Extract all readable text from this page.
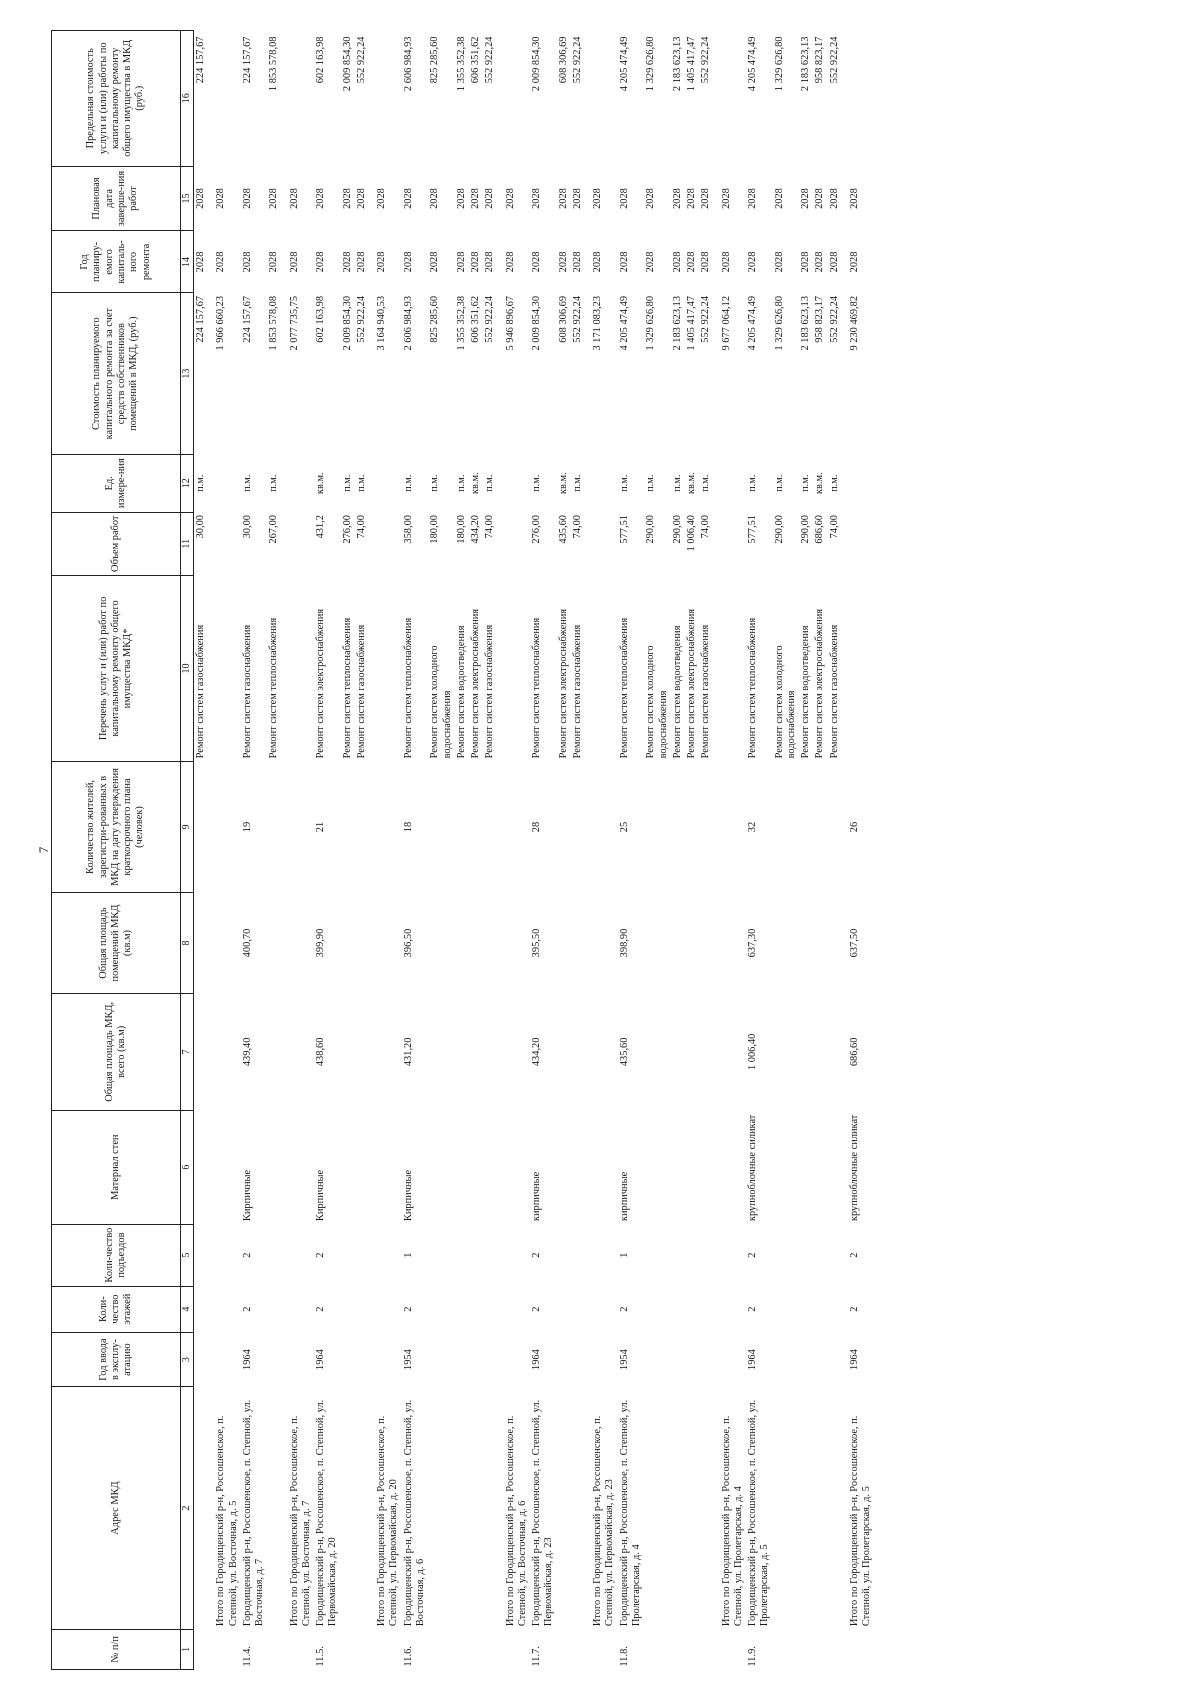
7
№ п/п	Адрес МКД	Год ввода в эксплу-атацию	Коли-чество этажей	Коли-чество подъездов	Материал стен	Общая площадь МКД, всего (кв.м)	Общая площадь помещений МКД (кв.м)	Количество жителей, зарегистри-рованных в МКД на дату утверждения краткосрочного плана (человек)	Перечень услуг и (или) работ по капитальному ремонту общего имущества МКД*	Объем работ	Ед. измере-ния	Стоимость планируемого капитального ремонта за счет средств собственников помещений в МКД, (руб.)	Год планиру-емого капиталь-ного ремонта	Плановая дата заверше-ния работ	Предельная стоимость услуги и (или) работы по капитальному ремонту общего имущества в МКД (руб.)
1	2	3	4	5	6	7	8	9	10	11	12	13	14	15	16
									Ремонт систем газоснабжения	30,00	п.м.	224 157,67	2028	2028	224 157,67
	Итого по Городищенский р-н, Россошенское, п. Степной, ул. Восточная, д. 5											1 966 660,23	2028	2028	
11.4.	Городищенский р-н, Россошенское, п. Степной, ул. Восточная, д. 7	1964	2	2	Кирпичные	439,40	400,70	19	Ремонт систем газоснабжения	30,00	п.м.	224 157,67	2028	2028	224 157,67
									Ремонт систем теплоснабжения	267,00	п.м.	1 853 578,08	2028	2028	1 853 578,08
	Итого по Городищенский р-н, Россошенское, п. Степной, ул. Восточная, д. 7											2 077 735,75	2028	2028	
11.5.	Городищенский р-н, Россошенское, п. Степной, ул. Первомайская, д. 20	1964	2	2	Кирпичные	438,60	399,90	21	Ремонт систем электроснабжения	431,2	кв.м.	602 163,98	2028	2028	602 163,98
									Ремонт систем теплоснабжения	276,00	п.м.	2 009 854,30	2028	2028	2 009 854,30
									Ремонт систем газоснабжения	74,00	п.м.	552 922,24	2028	2028	552 922,24
	Итого по Городищенский р-н, Россошенское, п. Степной, ул. Первомайская, д. 20											3 164 940,53	2028	2028	
11.6.	Городищенский р-н, Россошенское, п. Степной, ул. Восточная, д. 6	1954	2	1	Кирпичные	431,20	396,50	18	Ремонт систем теплоснабжения	358,00	п.м.	2 606 984,93	2028	2028	2 606 984,93
									Ремонт систем холодного водоснабжения	180,00	п.м.	825 285,60	2028	2028	825 285,60
									Ремонт систем водоотведения	180,00	п.м.	1 355 352,38	2028	2028	1 355 352,38
									Ремонт систем электроснабжения	434,20	кв.м.	606 351,62	2028	2028	606 351,62
									Ремонт систем газоснабжения	74,00	п.м.	552 922,24	2028	2028	552 922,24
	Итого по Городищенский р-н, Россошенское, п. Степной, ул. Восточная, д. 6											5 946 896,67	2028	2028	
11.7.	Городищенский р-н, Россошенское, п. Степной, ул. Первомайская, д. 23	1964	2	2	кирпичные	434,20	395,50	28	Ремонт систем теплоснабжения	276,00	п.м.	2 009 854,30	2028	2028	2 009 854,30
									Ремонт систем электроснабжения	435,60	кв.м.	608 306,69	2028	2028	608 306,69
									Ремонт систем газоснабжения	74,00	п.м.	552 922,24	2028	2028	552 922,24
	Итого по Городищенский р-н, Россошенское, п. Степной, ул. Первомайская, д. 23											3 171 083,23	2028	2028	
11.8.	Городищенский р-н, Россошенское, п. Степной, ул. Пролетарская, д. 4	1954	2	1	кирпичные	435,60	398,90	25	Ремонт систем теплоснабжения	577,51	п.м.	4 205 474,49	2028	2028	4 205 474,49
									Ремонт систем холодного водоснабжения	290,00	п.м.	1 329 626,80	2028	2028	1 329 626,80
									Ремонт систем водоотведения	290,00	п.м.	2 183 623,13	2028	2028	2 183 623,13
									Ремонт систем электроснабжения	1 006,40	кв.м.	1 405 417,47	2028	2028	1 405 417,47
									Ремонт систем газоснабжения	74,00	п.м.	552 922,24	2028	2028	552 922,24
	Итого по Городищенский р-н, Россошенское, п. Степной, ул. Пролетарская, д. 4											9 677 064,12	2028	2028	
11.9.	Городищенский р-н, Россошенское, п. Степной, ул. Пролетарская, д. 5	1964	2	2	крупноблочные силикат	1 006,40	637,30	32	Ремонт систем теплоснабжения	577,51	п.м.	4 205 474,49	2028	2028	4 205 474,49
									Ремонт систем холодного водоснабжения	290,00	п.м.	1 329 626,80	2028	2028	1 329 626,80
									Ремонт систем водоотведения	290,00	п.м.	2 183 623,13	2028	2028	2 183 623,13
									Ремонт систем электроснабжения	686,60	кв.м.	958 823,17	2028	2028	958 823,17
									Ремонт систем газоснабжения	74,00	п.м.	552 922,24	2028	2028	552 922,24
	Итого по Городищенский р-н, Россошенское, п. Степной, ул. Пролетарская, д. 5	1964	2	2	крупноблочные силикат	686,60	637,50	26				9 230 469,82	2028	2028	
